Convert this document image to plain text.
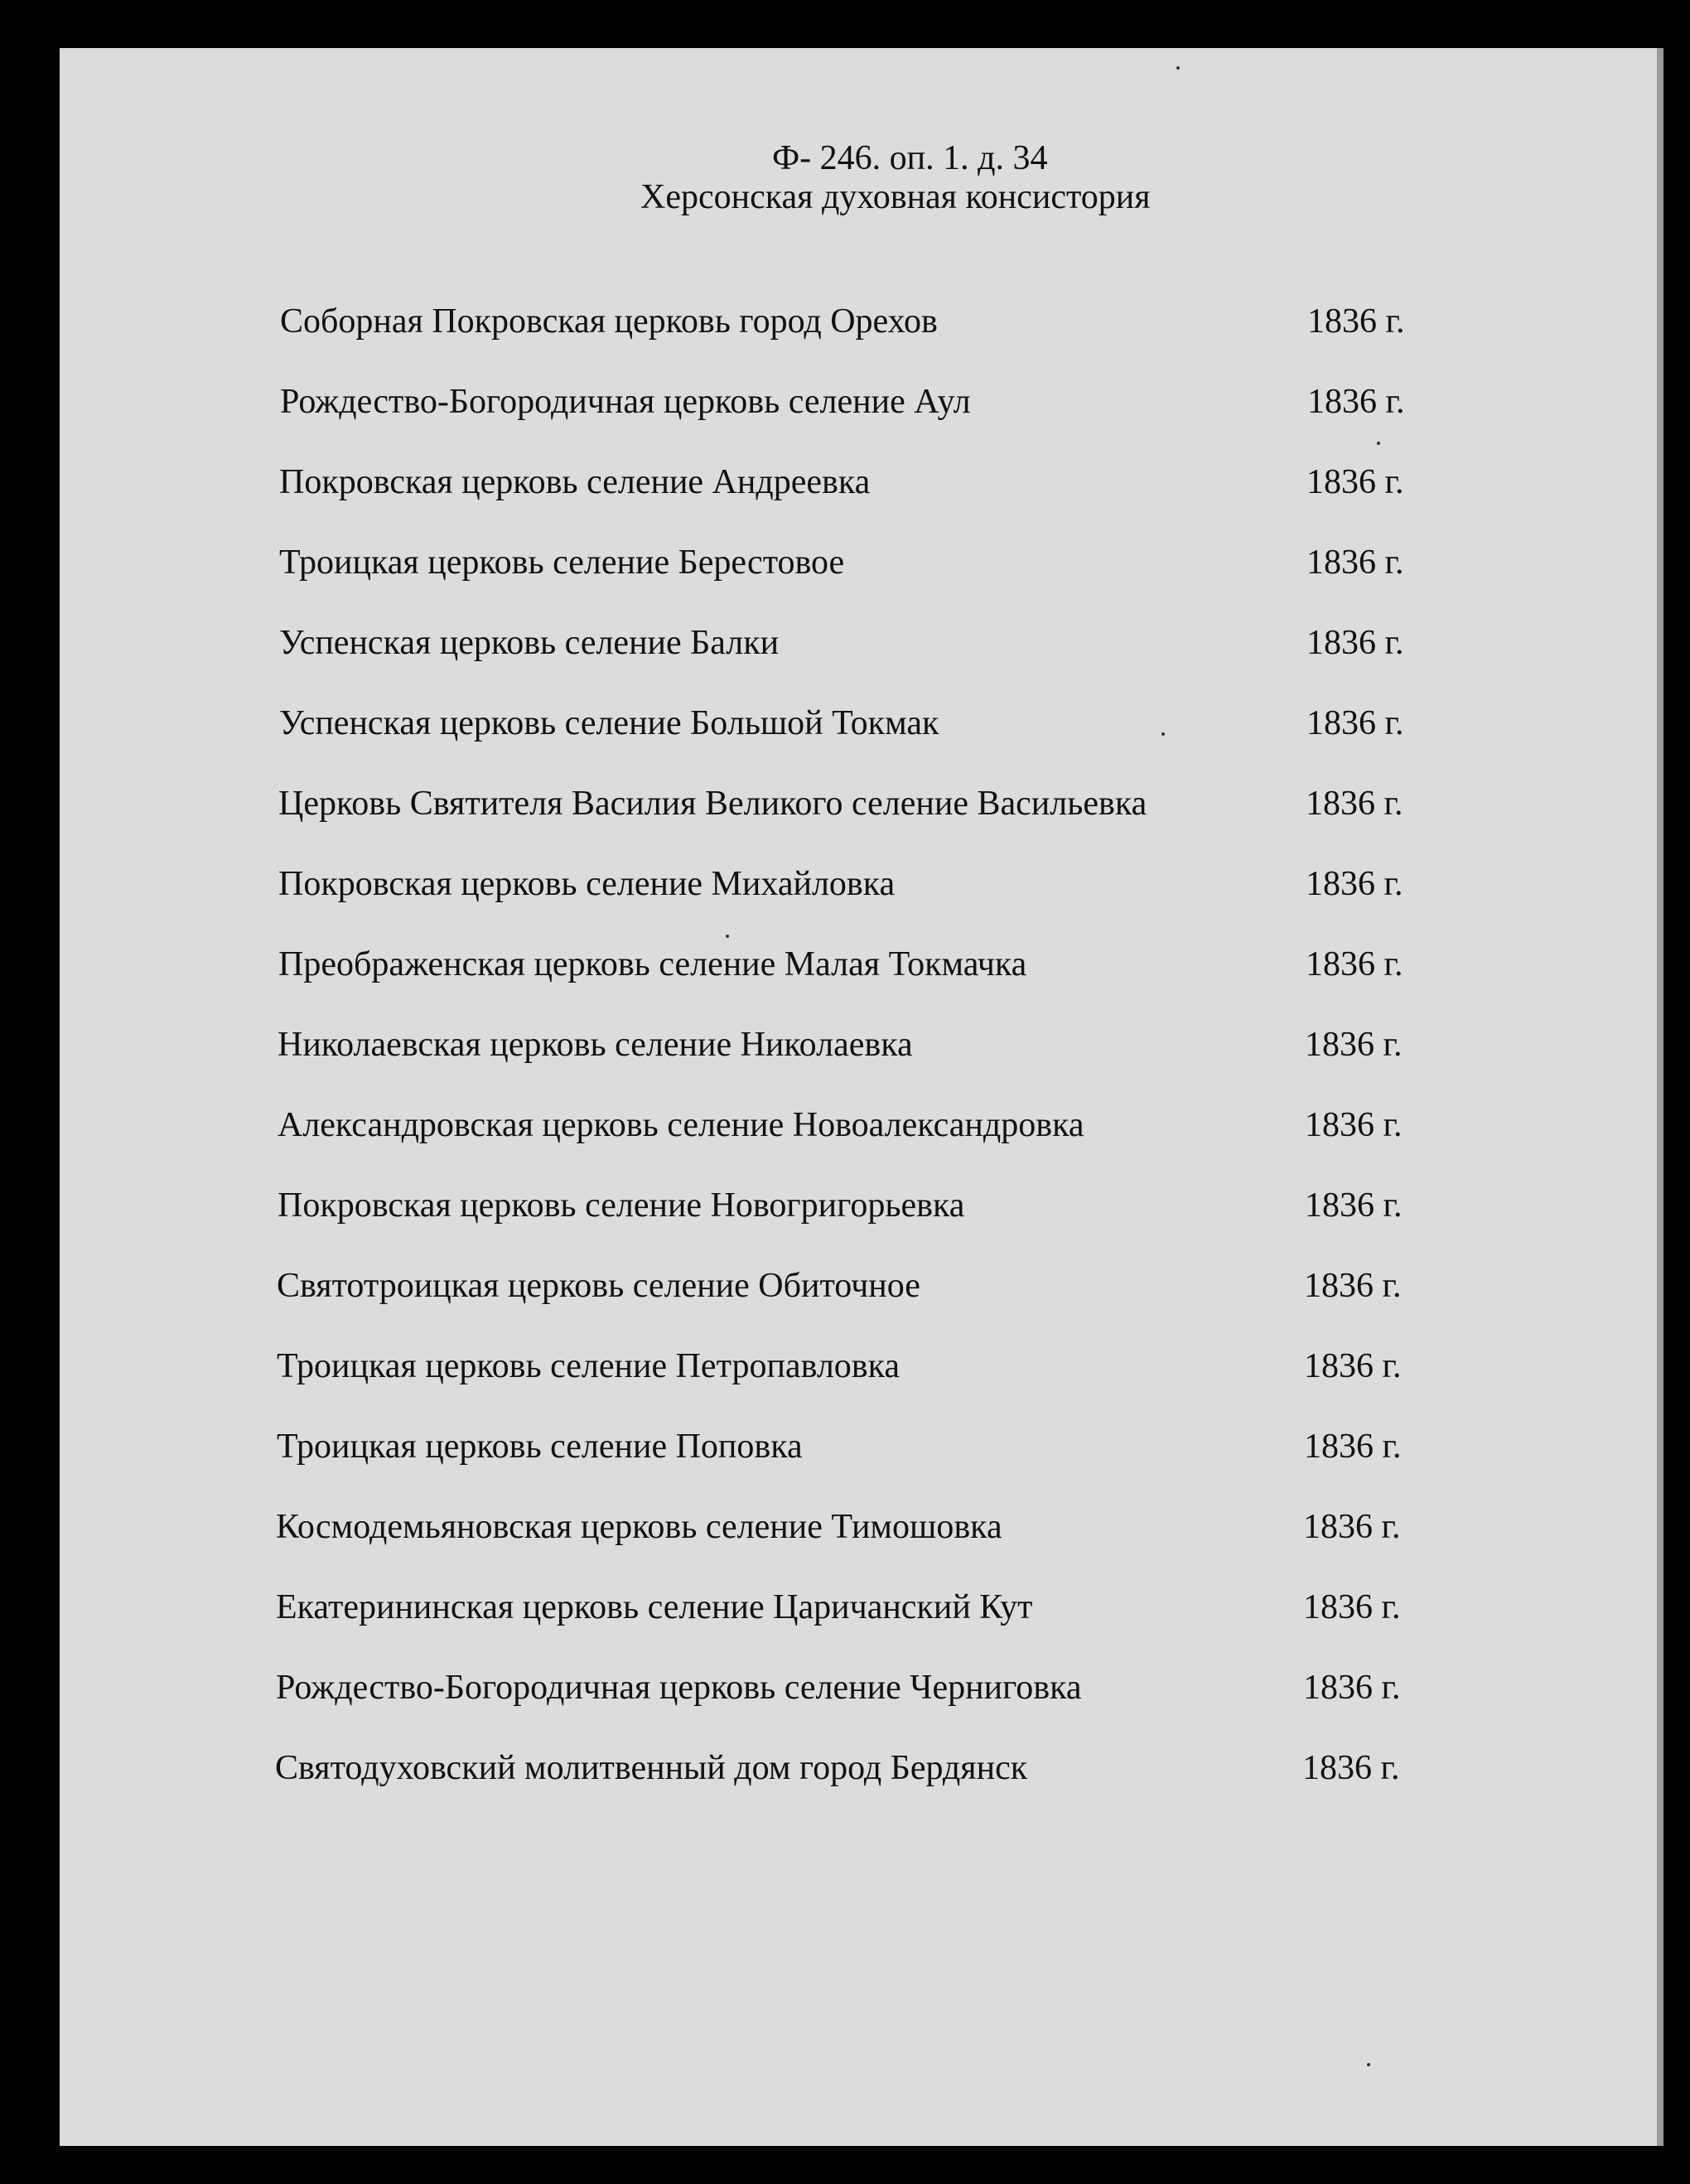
Ф- 246. оп. 1. д. 34
Херсонская духовная консистория
Соборная Покровская церковь город Орехов	1836 г.
Рождество-Богородичная церковь селение Аул	1836 г.
Покровская церковь селение Андреевка	1836 г.
Троицкая церковь селение Берестовое	1836 г.
Успенская церковь селение Балки	1836 г.
Успенская церковь селение Большой Токмак	1836 г.
Церковь Святителя Василия Великого селение Васильевка	1836 г.
Покровская церковь селение Михайловка	1836 г.
Преображенская церковь селение Малая Токмачка	1836 г.
Николаевская церковь селение Николаевка	1836 г.
Александровская церковь селение Новоалександровка	1836 г.
Покровская церковь селение Новогригорьевка	1836 г.
Святотроицкая церковь селение Обиточное	1836 г.
Троицкая церковь селение Петропавловка	1836 г.
Троицкая церковь селение Поповка	1836 г.
Космодемьяновская церковь селение Тимошовка	1836 г.
Екатерининская церковь селение Царичанский Кут	1836 г.
Рождество-Богородичная церковь селение Черниговка	1836 г.
Святодуховский молитвенный дом город Бердянск	1836 г.
